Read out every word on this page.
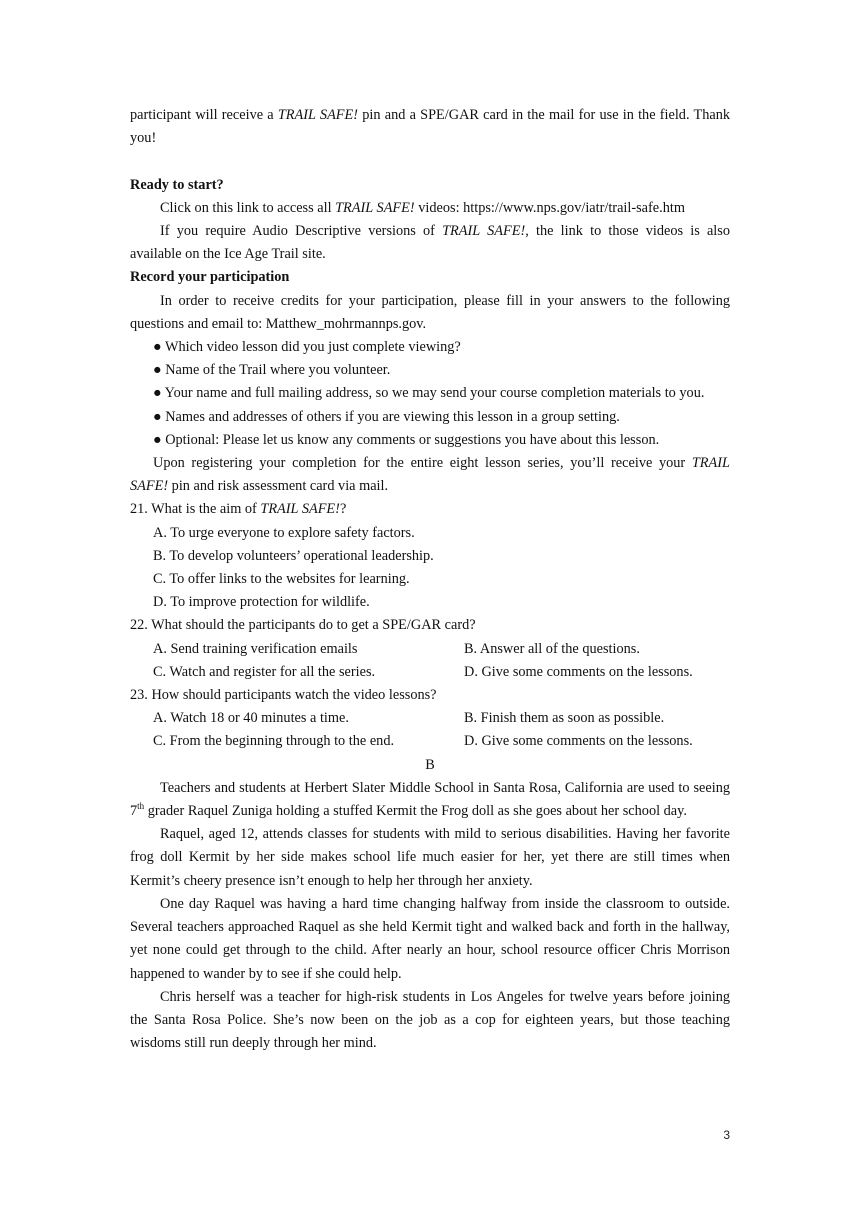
participant will receive a TRAIL SAFE! pin and a SPE/GAR card in the mail for use in the field. Thank you!

Ready to start?

Click on this link to access all TRAIL SAFE! videos: https://www.nps.gov/iatr/trail-safe.htm

If you require Audio Descriptive versions of TRAIL SAFE!, the link to those videos is also available on the Ice Age Trail site.

Record your participation

In order to receive credits for your participation, please fill in your answers to the following questions and email to: Matthew_mohrmannps.gov.

● Which video lesson did you just complete viewing?

● Name of the Trail where you volunteer.

● Your name and full mailing address, so we may send your course completion materials to you.

● Names and addresses of others if you are viewing this lesson in a group setting.

● Optional: Please let us know any comments or suggestions you have about this lesson.

Upon registering your completion for the entire eight lesson series, you’ll receive your TRAIL SAFE! pin and risk assessment card via mail.

21. What is the aim of TRAIL SAFE!?

A. To urge everyone to explore safety factors.

B. To develop volunteers’ operational leadership.

C. To offer links to the websites for learning.

D. To improve protection for wildlife.

22. What should the participants do to get a SPE/GAR card?

A. Send training verification emails	B. Answer all of the questions.
C. Watch and register for all the series.	D. Give some comments on the lessons.

23. How should participants watch the video lessons?

A. Watch 18 or 40 minutes a time.	B. Finish them as soon as possible.
C. From the beginning through to the end.	D. Give some comments on the lessons.

B

Teachers and students at Herbert Slater Middle School in Santa Rosa, California are used to seeing 7th grader Raquel Zuniga holding a stuffed Kermit the Frog doll as she goes about her school day.

Raquel, aged 12, attends classes for students with mild to serious disabilities. Having her favorite frog doll Kermit by her side makes school life much easier for her, yet there are still times when Kermit’s cheery presence isn’t enough to help her through her anxiety.

One day Raquel was having a hard time changing halfway from inside the classroom to outside. Several teachers approached Raquel as she held Kermit tight and walked back and forth in the hallway, yet none could get through to the child. After nearly an hour, school resource officer Chris Morrison happened to wander by to see if she could help.

Chris herself was a teacher for high-risk students in Los Angeles for twelve years before joining the Santa Rosa Police. She’s now been on the job as a cop for eighteen years, but those teaching wisdoms still run deeply through her mind.

3
